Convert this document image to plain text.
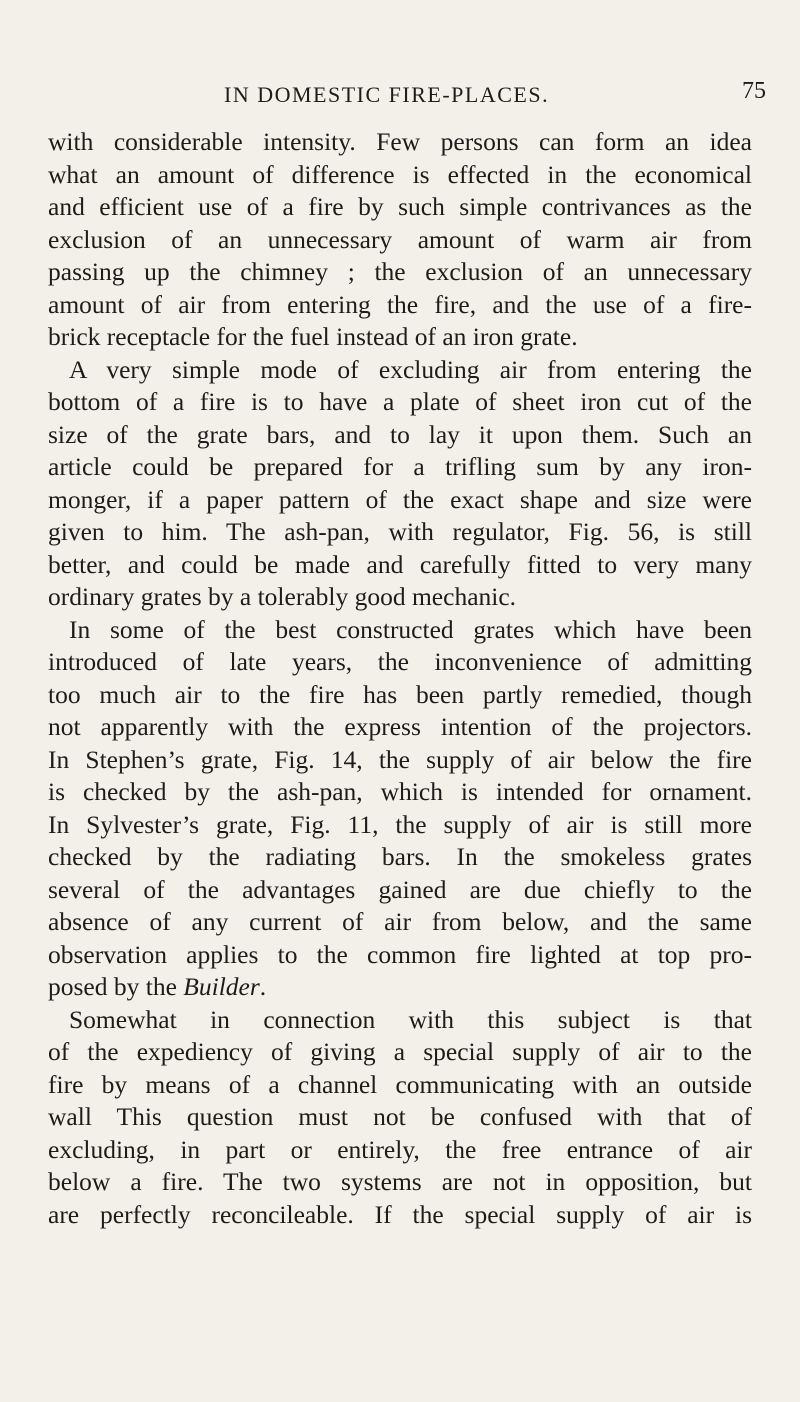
IN DOMESTIC FIRE-PLACES.	75
with considerable intensity. Few persons can form an idea
what an amount of difference is effected in the economical
and efficient use of a fire by such simple contrivances as the
exclusion of an unnecessary amount of warm air from
passing up the chimney ; the exclusion of an unnecessary
amount of air from entering the fire, and the use of a fire-
brick receptacle for the fuel instead of an iron grate.
A very simple mode of excluding air from entering the
bottom of a fire is to have a plate of sheet iron cut of the
size of the grate bars, and to lay it upon them. Such an
article could be prepared for a trifling sum by any iron-
monger, if a paper pattern of the exact shape and size were
given to him. The ash-pan, with regulator, Fig. 56, is still
better, and could be made and carefully fitted to very many
ordinary grates by a tolerably good mechanic.
In some of the best constructed grates which have been
introduced of late years, the inconvenience of admitting
too much air to the fire has been partly remedied, though
not apparently with the express intention of the projectors.
In Stephen’s grate, Fig. 14, the supply of air below the fire
is checked by the ash-pan, which is intended for ornament.
In Sylvester’s grate, Fig. 11, the supply of air is still more
checked by the radiating bars. In the smokeless grates
several of the advantages gained are due chiefly to the
absence of any current of air from below, and the same
observation applies to the common fire lighted at top pro-
posed by the Builder.
Somewhat in connection with this subject is that
of the expediency of giving a special supply of air to the
fire by means of a channel communicating with an outside
wall This question must not be confused with that of
excluding, in part or entirely, the free entrance of air
below a fire. The two systems are not in opposition, but
are perfectly reconcileable. If the special supply of air is
